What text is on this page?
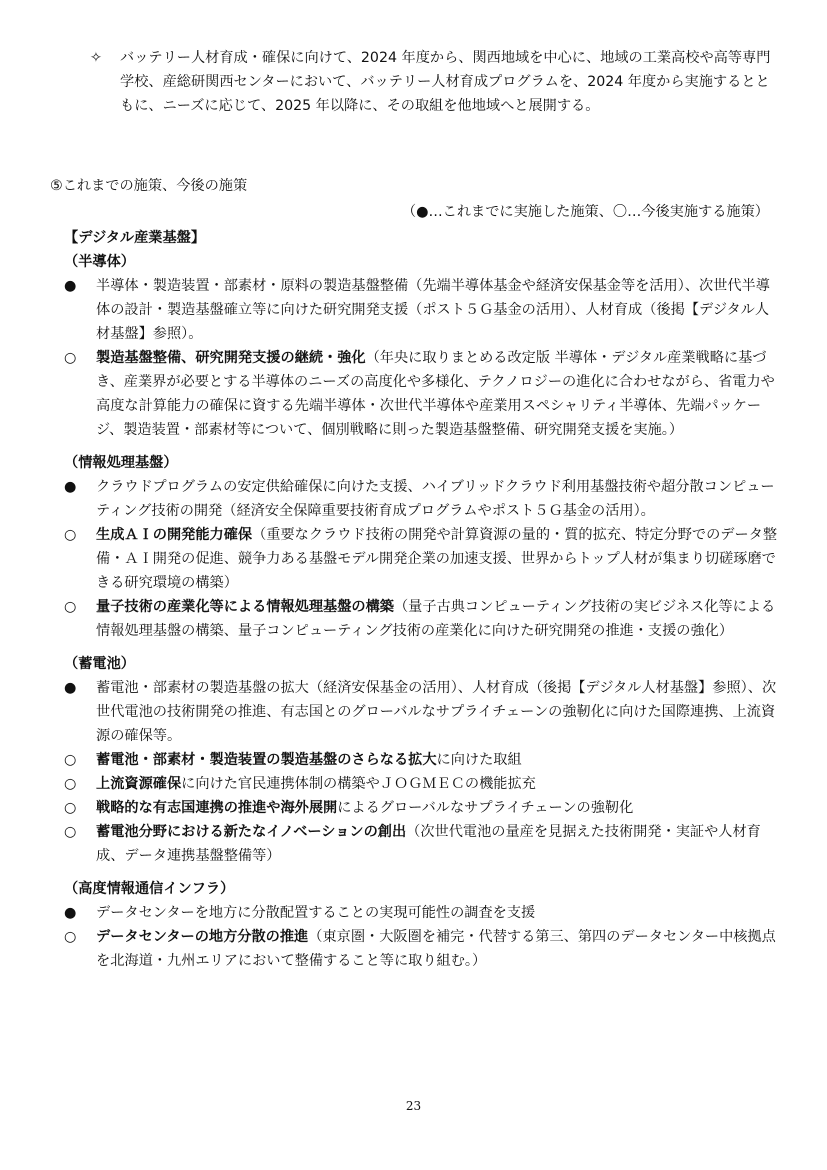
✧	バッテリー人材育成・確保に向けて、2024 年度から、関西地域を中心に、地域の工業高校や高等専門学校、産総研関西センターにおいて、バッテリー人材育成プログラムを、2024 年度から実施するとともに、ニーズに応じて、2025 年以降に、その取組を他地域へと展開する。
⑤これまでの施策、今後の施策
（●…これまでに実施した施策、〇…今後実施する施策）

【デジタル産業基盤】

（半導体）

●	半導体・製造装置・部素材・原料の製造基盤整備（先端半導体基金や経済安保基金等を活用）、次世代半導体の設計・製造基盤確立等に向けた研究開発支援（ポスト５Ｇ基金の活用）、人材育成（後掲【デジタル人材基盤】参照）。

○	製造基盤整備、研究開発支援の継続・強化（年央に取りまとめる改定版 半導体・デジタル産業戦略に基づき、産業界が必要とする半導体のニーズの高度化や多様化、テクノロジーの進化に合わせながら、省電力や高度な計算能力の確保に資する先端半導体・次世代半導体や産業用スペシャリティ半導体、先端パッケージ、製造装置・部素材等について、個別戦略に則った製造基盤整備、研究開発支援を実施。）

（情報処理基盤）

●	クラウドプログラムの安定供給確保に向けた支援、ハイブリッドクラウド利用基盤技術や超分散コンピューティング技術の開発（経済安全保障重要技術育成プログラムやポスト５Ｇ基金の活用）。

○	生成ＡＩの開発能力確保（重要なクラウド技術の開発や計算資源の量的・質的拡充、特定分野でのデータ整備・ＡＩ開発の促進、競争力ある基盤モデル開発企業の加速支援、世界からトップ人材が集まり切磋琢磨できる研究環境の構築）

○	量子技術の産業化等による情報処理基盤の構築（量子古典コンピューティング技術の実ビジネス化等による情報処理基盤の構築、量子コンピューティング技術の産業化に向けた研究開発の推進・支援の強化）

（蓄電池）

●	蓄電池・部素材の製造基盤の拡大（経済安保基金の活用）、人材育成（後掲【デジタル人材基盤】参照）、次世代電池の技術開発の推進、有志国とのグローバルなサプライチェーンの強靭化に向けた国際連携、上流資源の確保等。

○	蓄電池・部素材・製造装置の製造基盤のさらなる拡大に向けた取組

○	上流資源確保に向けた官民連携体制の構築やＪＯＧＭＥＣの機能拡充

○	戦略的な有志国連携の推進や海外展開によるグローバルなサプライチェーンの強靭化

○	蓄電池分野における新たなイノベーションの創出（次世代電池の量産を見据えた技術開発・実証や人材育成、データ連携基盤整備等）

（高度情報通信インフラ）

●	データセンターを地方に分散配置することの実現可能性の調査を支援

○	データセンターの地方分散の推進（東京圏・大阪圏を補完・代替する第三、第四のデータセンター中核拠点を北海道・九州エリアにおいて整備すること等に取り組む。）

23
